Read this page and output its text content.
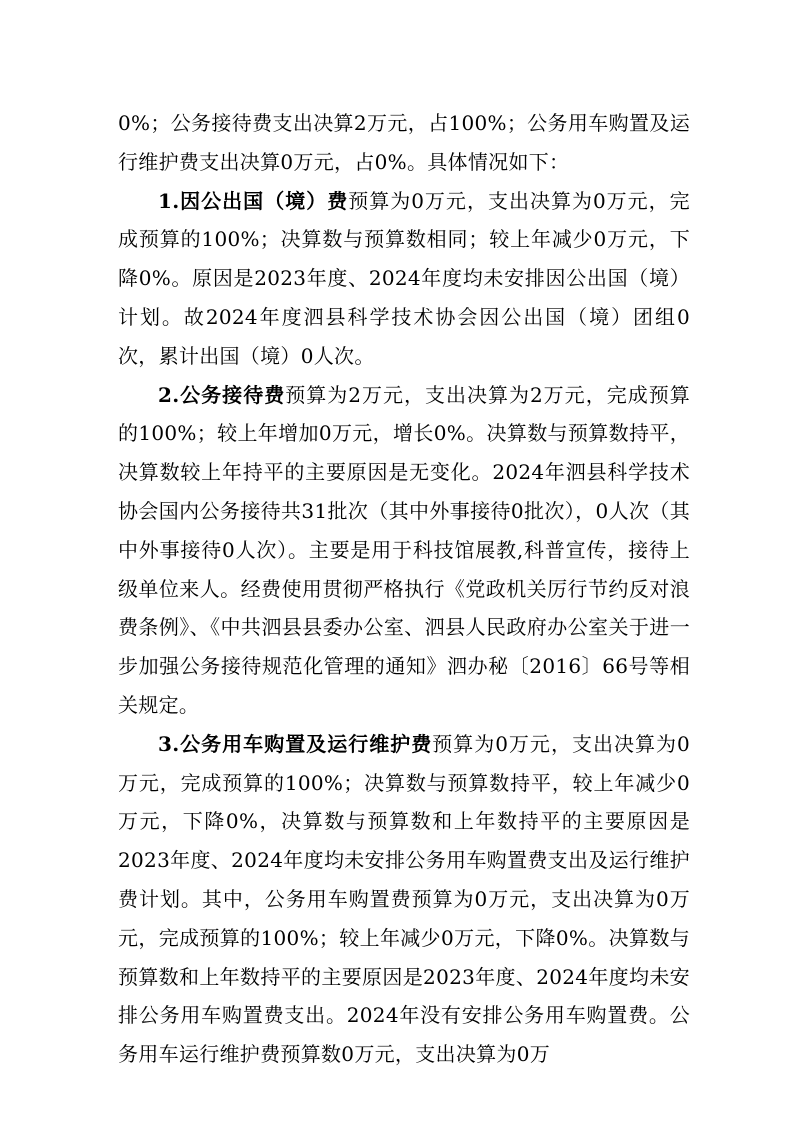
0%；公务接待费支出决算2万元，占100%；公务用车购置及运行维护费支出决算0万元，占0%。具体情况如下：

1.因公出国（境）费预算为0万元，支出决算为0万元，完成预算的100%；决算数与预算数相同；较上年减少0万元，下降0%。原因是2023年度、2024年度均未安排因公出国（境）计划。故2024年度泗县科学技术协会因公出国（境）团组0次，累计出国（境）0人次。

2.公务接待费预算为2万元，支出决算为2万元，完成预算的100%；较上年增加0万元，增长0%。决算数与预算数持平，决算数较上年持平的主要原因是无变化。2024年泗县科学技术协会国内公务接待共31批次（其中外事接待0批次），0人次（其中外事接待0人次）。主要是用于科技馆展教,科普宣传，接待上级单位来人。经费使用贯彻严格执行《党政机关厉行节约反对浪费条例》、《中共泗县县委办公室、泗县人民政府办公室关于进一步加强公务接待规范化管理的通知》泗办秘〔2016〕66号等相关规定。

3.公务用车购置及运行维护费预算为0万元，支出决算为0万元，完成预算的100%；决算数与预算数持平，较上年减少0万元，下降0%，决算数与预算数和上年数持平的主要原因是2023年度、2024年度均未安排公务用车购置费支出及运行维护费计划。其中，公务用车购置费预算为0万元，支出决算为0万元，完成预算的100%；较上年减少0万元，下降0%。决算数与预算数和上年数持平的主要原因是2023年度、2024年度均未安排公务用车购置费支出。2024年没有安排公务用车购置费。公务用车运行维护费预算数0万元，支出决算为0万
